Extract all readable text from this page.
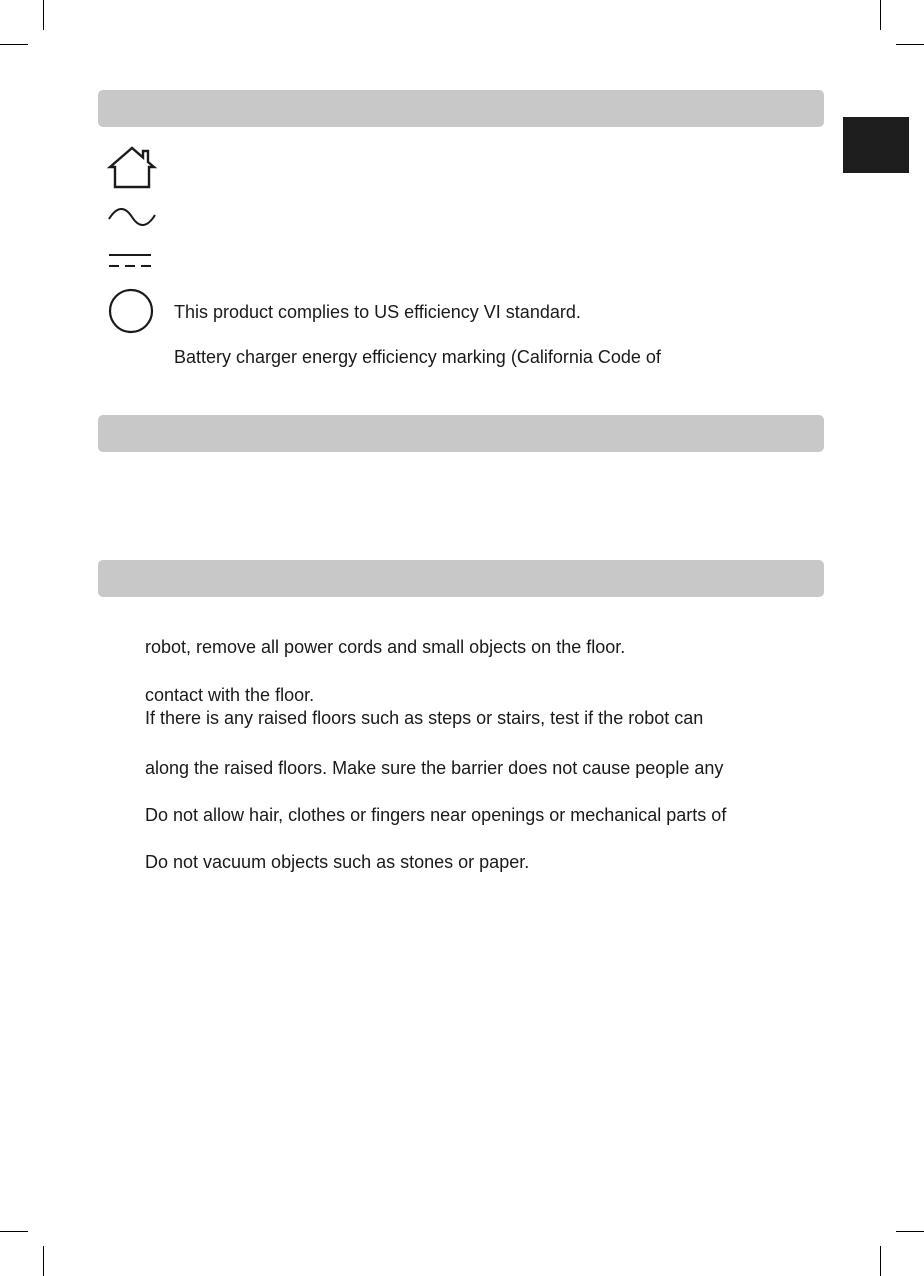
This product complies to US efficiency VI standard.
Battery charger energy efficiency marking (California Code of
robot, remove all power cords and small objects on the floor.
contact with the floor.
If there is any raised floors such as steps or stairs, test if the robot can
along the raised floors. Make sure the barrier does not cause people any
Do not allow hair, clothes or fingers near openings or mechanical parts of
Do not vacuum objects such as stones or paper.
